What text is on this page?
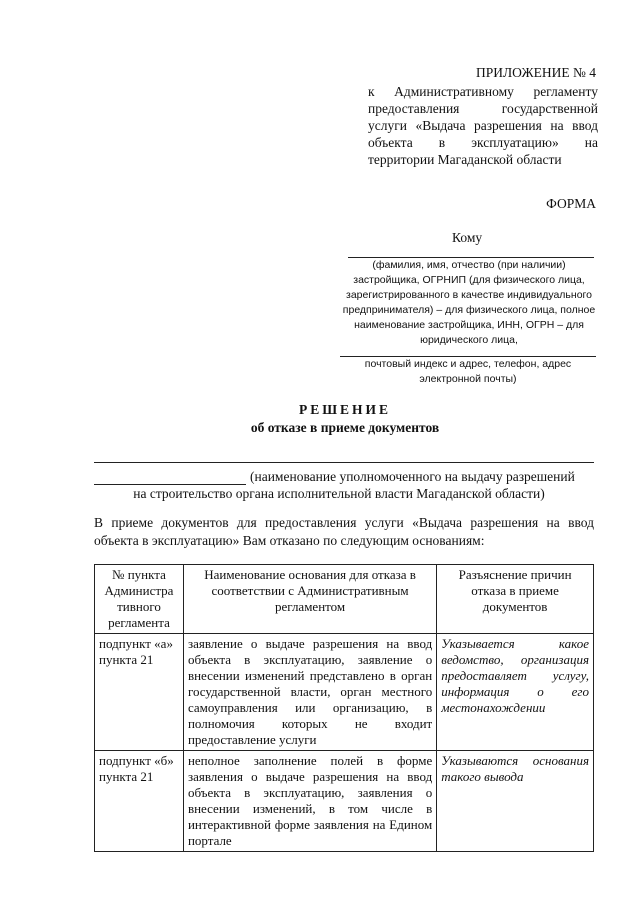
ПРИЛОЖЕНИЕ № 4
к Административному регламенту
предоставления государственной
услуги «Выдача разрешения на ввод
объекта в эксплуатацию» на
территории Магаданской области
ФОРМА
Кому
(фамилия, имя, отчество (при наличии) застройщика, ОГРНИП (для физического лица, зарегистрированного в качестве индивидуального предпринимателя) – для физического лица, полное наименование застройщика, ИНН, ОГРН – для юридического лица,
почтовый индекс и адрес, телефон, адрес электронной почты)
РЕШЕНИЕ
об отказе в приеме документов
(наименование уполномоченного на выдачу разрешений
на строительство органа исполнительной власти Магаданской области)
В приеме документов для предоставления услуги «Выдача разрешения на ввод объекта в эксплуатацию» Вам отказано по следующим основаниям:
№ пункта Администра тивного регламента	Наименование основания для отказа в соответствии с Административным регламентом	Разъяснение причин отказа в приеме документов
подпункт «а» пункта 21	заявление о выдаче разрешения на ввод объекта в эксплуатацию, заявление о внесении изменений представлено в орган государственной власти, орган местного самоуправления или организацию, в полномочия которых не входит предоставление услуги	Указывается какое ведомство, организация предоставляет услугу, информация о его местонахождении
подпункт «б» пункта 21	неполное заполнение полей в форме заявления о выдаче разрешения на ввод объекта в эксплуатацию, заявления о внесении изменений, в том числе в интерактивной форме заявления на Едином портале	Указываются основания такого вывода
